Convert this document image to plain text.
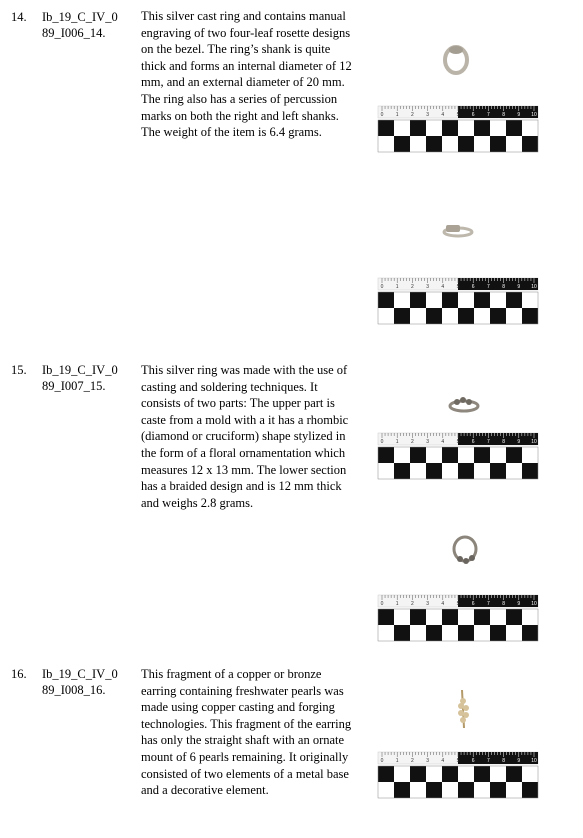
14. Ib_19_C_IV_0
89_I006_14.
This silver cast ring and contains manual engraving of two four-leaf rosette designs on the bezel. The ring’s shank is quite thick and forms an internal diameter of 12 mm, and an external diameter of 20 mm. The ring also has a series of percussion marks on both the right and left shanks. The weight of the item is 6.4 grams.
15. Ib_19_C_IV_0
89_I007_15.
This silver ring was made with the use of casting and soldering techniques. It consists of two parts: The upper part is caste from a mold with a it has a rhombic (diamond or cruciform) shape stylized in the form of a floral ornamentation which measures 12 x 13 mm. The lower section has a braided design and is 12 mm thick and weighs 2.8 grams.
16. Ib_19_C_IV_0
89_I008_16.
This fragment of a copper or bronze earring containing freshwater pearls was made using copper casting and forging technologies. This fragment of the earring has only the straight shaft with an ornate mount of 6 pearls remaining. It originally consisted of two elements of a metal base and a decorative element.
0 1 2 3 4 5 6 7 8 9 10
0 1 2 3 4 5 6 7 8 9 10
0 1 2 3 4 5 6 7 8 9 10
0 1 2 3 4 5 6 7 8 9 10
0 1 2 3 4 5 6 7 8 9 10
